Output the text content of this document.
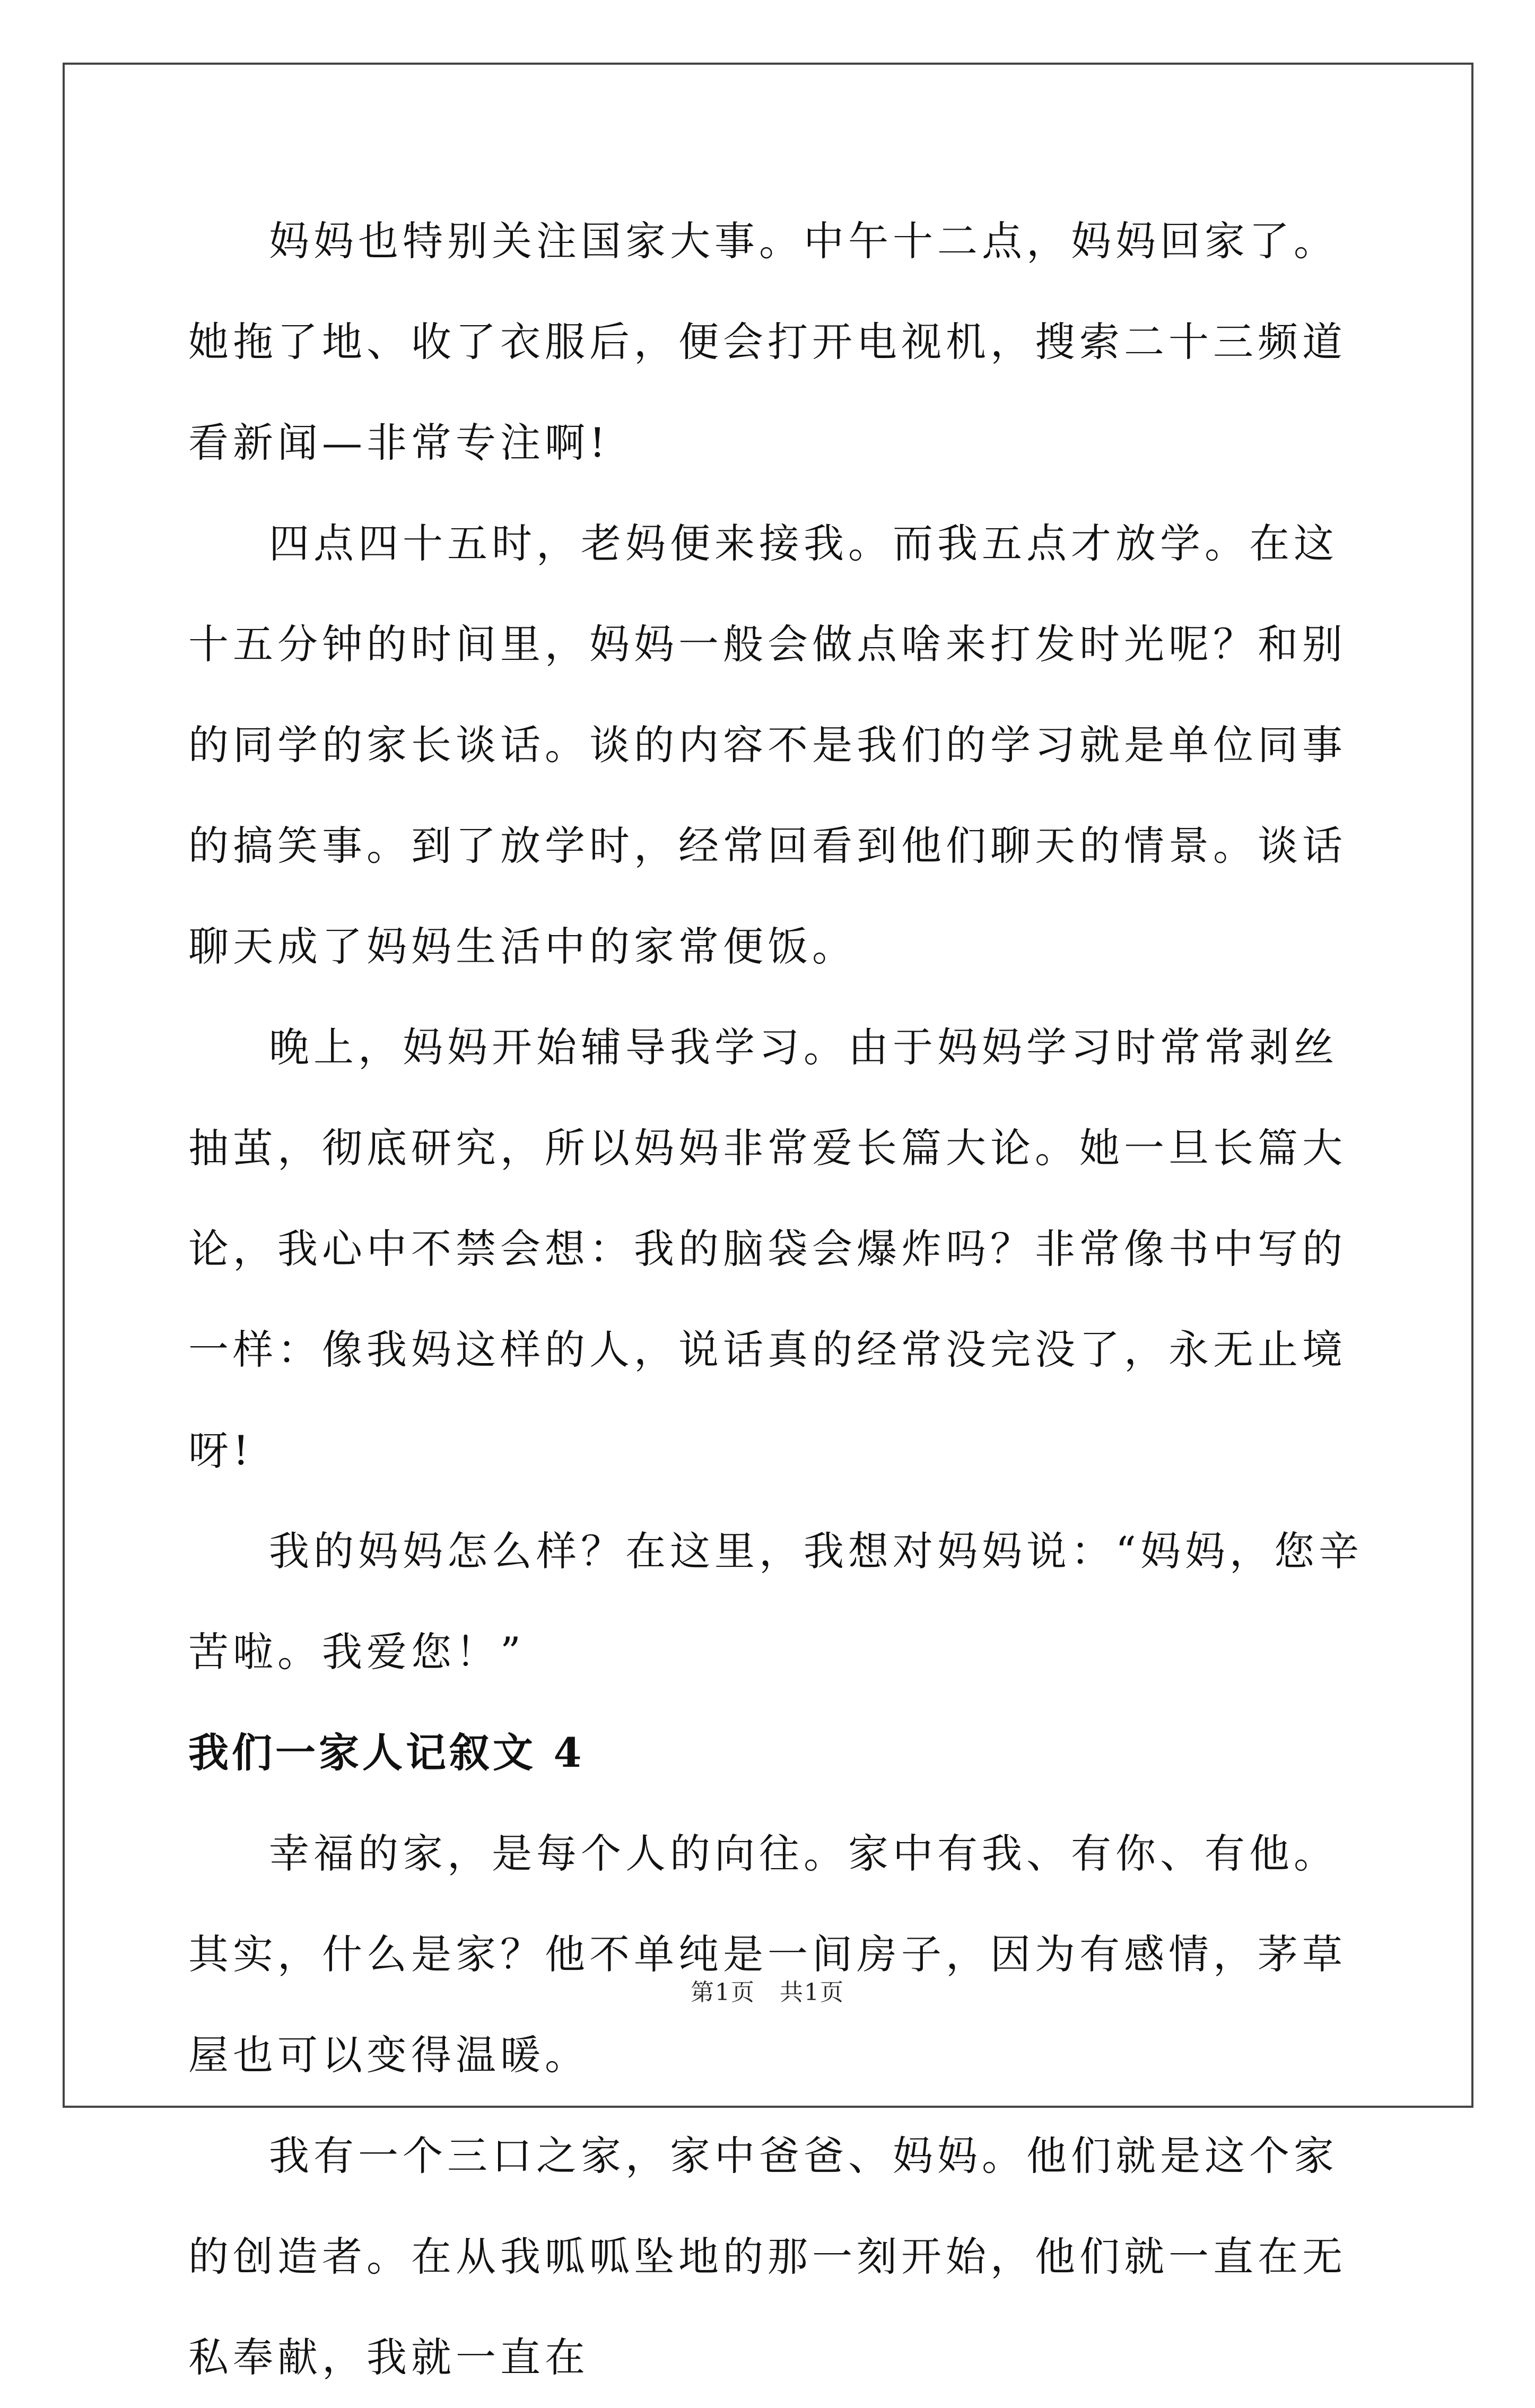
妈妈也特别关注国家大事。中午十二点，妈妈回家了。她拖了地、收了衣服后，便会打开电视机，搜索二十三频道看新闻—非常专注啊!

四点四十五时，老妈便来接我。而我五点才放学。在这十五分钟的时间里，妈妈一般会做点啥来打发时光呢？和别的同学的家长谈话。谈的内容不是我们的学习就是单位同事的搞笑事。到了放学时，经常回看到他们聊天的情景。谈话聊天成了妈妈生活中的家常便饭。

晚上，妈妈开始辅导我学习。由于妈妈学习时常常剥丝抽茧，彻底研究，所以妈妈非常爱长篇大论。她一旦长篇大论，我心中不禁会想：我的脑袋会爆炸吗？非常像书中写的一样：像我妈这样的人，说话真的经常没完没了，永无止境呀!

我的妈妈怎么样？在这里，我想对妈妈说：“妈妈，您辛苦啦。我爱您！”

我们一家人记叙文 4

幸福的家，是每个人的向往。家中有我、有你、有他。其实，什么是家？他不单纯是一间房子，因为有感情，茅草屋也可以变得温暖。

我有一个三口之家，家中爸爸、妈妈。他们就是这个家的创造者。在从我呱呱坠地的那一刻开始，他们就一直在无私奉献，我就一直在

第1页　共1页
